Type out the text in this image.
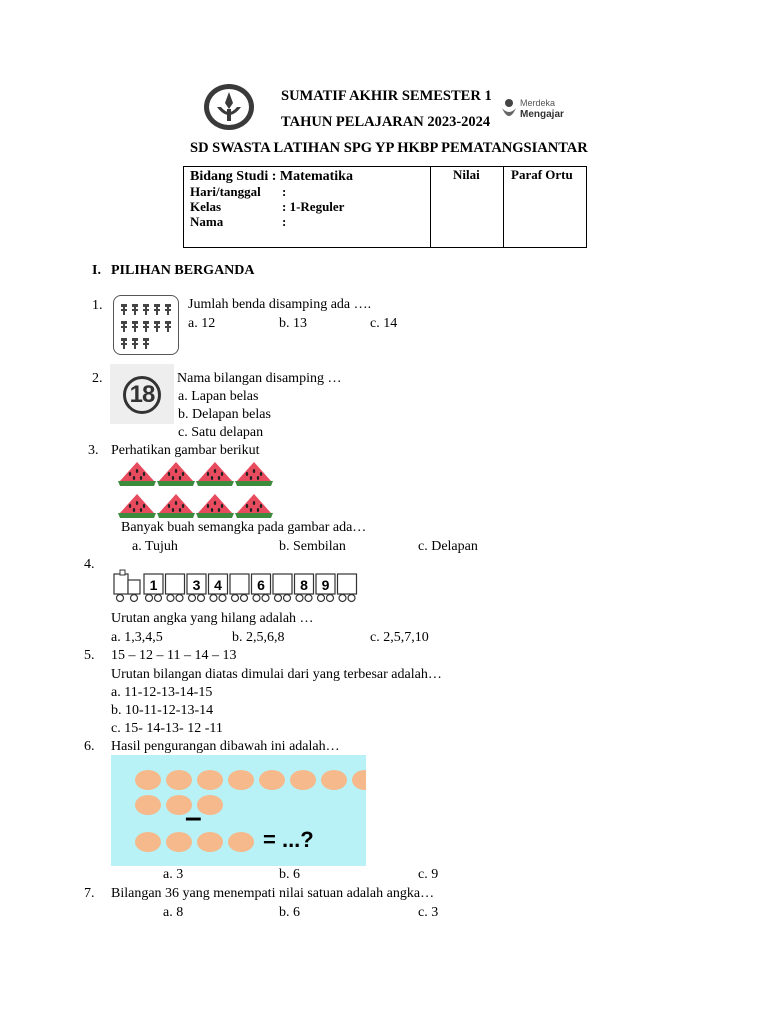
SUMATIF AKHIR SEMESTER 1
TAHUN PELAJARAN 2023-2024
Merdeka
Mengajar
SD SWASTA LATIHAN SPG YP HKBP PEMATANGSIANTAR
Bidang Studi : Matematika
Hari/tanggal :
Kelas	: 1-Reguler
Nama	:
Nilai Paraf Ortu
I. PILIHAN BERGANDA
1.	Jumlah benda disamping ada ….
a. 12	b. 13	c. 14
2.
18
Nama bilangan disamping …
a. Lapan belas
b. Delapan belas
c. Satu delapan
3. Perhatikan gambar berikut
Banyak buah semangka pada gambar ada…
a. Tujuh	b. Sembilan	c. Delapan
4.
1	3 4	6	8 9
Urutan angka yang hilang adalah …
a. 1,3,4,5	b. 2,5,6,8	c. 2,5,7,10
5. 15 – 12 – 11 – 14 – 13
Urutan bilangan diatas dimulai dari yang terbesar adalah…
a. 11-12-13-14-15
b. 10-11-12-13-14
c. 15- 14-13- 12 -11
6. Hasil pengurangan dibawah ini adalah…
–
= ...?
a. 3	b. 6	c. 9
7. Bilangan 36 yang menempati nilai satuan adalah angka…
a. 8	b. 6	c. 3
